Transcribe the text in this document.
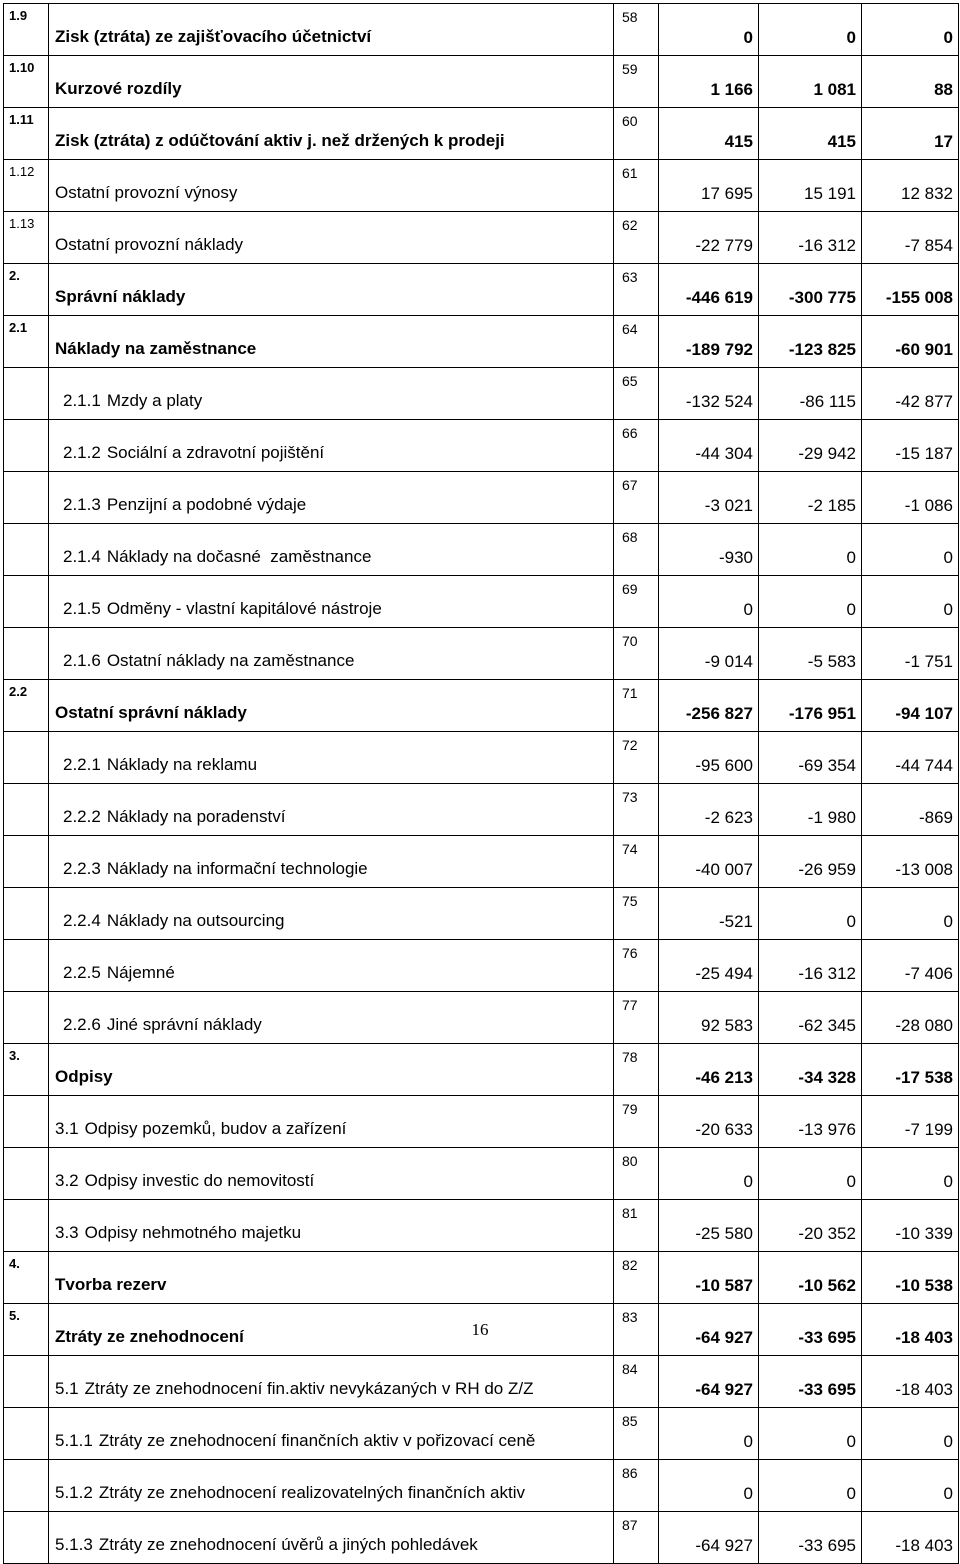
1.9	Zisk (ztráta) ze zajišťovacího účetnictví	58	0	0	0
1.10	Kurzové rozdíly	59	1 166	1 081	88
1.11	Zisk (ztráta) z odúčtování aktiv j. než držených k prodeji	60	415	415	17
1.12	Ostatní provozní výnosy	61	17 695	15 191	12 832
1.13	Ostatní provozní náklady	62	-22 779	-16 312	-7 854
2.	Správní náklady	63	-446 619	-300 775	-155 008
2.1	Náklady na zaměstnance	64	-189 792	-123 825	-60 901
	2.1.1 Mzdy a platy	65	-132 524	-86 115	-42 877
	2.1.2 Sociální a zdravotní pojištění	66	-44 304	-29 942	-15 187
	2.1.3 Penzijní a podobné výdaje	67	-3 021	-2 185	-1 086
	2.1.4 Náklady na dočasné  zaměstnance	68	-930	0	0
	2.1.5 Odměny - vlastní kapitálové nástroje	69	0	0	0
	2.1.6 Ostatní náklady na zaměstnance	70	-9 014	-5 583	-1 751
2.2	Ostatní správní náklady	71	-256 827	-176 951	-94 107
	2.2.1 Náklady na reklamu	72	-95 600	-69 354	-44 744
	2.2.2 Náklady na poradenství	73	-2 623	-1 980	-869
	2.2.3 Náklady na informační technologie	74	-40 007	-26 959	-13 008
	2.2.4 Náklady na outsourcing	75	-521	0	0
	2.2.5 Nájemné	76	-25 494	-16 312	-7 406
	2.2.6 Jiné správní náklady	77	92 583	-62 345	-28 080
3.	Odpisy	78	-46 213	-34 328	-17 538
	3.1 Odpisy pozemků, budov a zařízení	79	-20 633	-13 976	-7 199
	3.2 Odpisy investic do nemovitostí	80	0	0	0
	3.3 Odpisy nehmotného majetku	81	-25 580	-20 352	-10 339
4.	Tvorba rezerv	82	-10 587	-10 562	-10 538
5.	Ztráty ze znehodnocení	83	-64 927	-33 695	-18 403
	5.1 Ztráty ze znehodnocení fin.aktiv nevykázaných v RH do Z/Z	84	-64 927	-33 695	-18 403
	5.1.1 Ztráty ze znehodnocení finančních aktiv v pořizovací ceně	85	0	0	0
	5.1.2 Ztráty ze znehodnocení realizovatelných finančních aktiv	86	0	0	0
	5.1.3 Ztráty ze znehodnocení úvěrů a jiných pohledávek	87	-64 927	-33 695	-18 403
16
